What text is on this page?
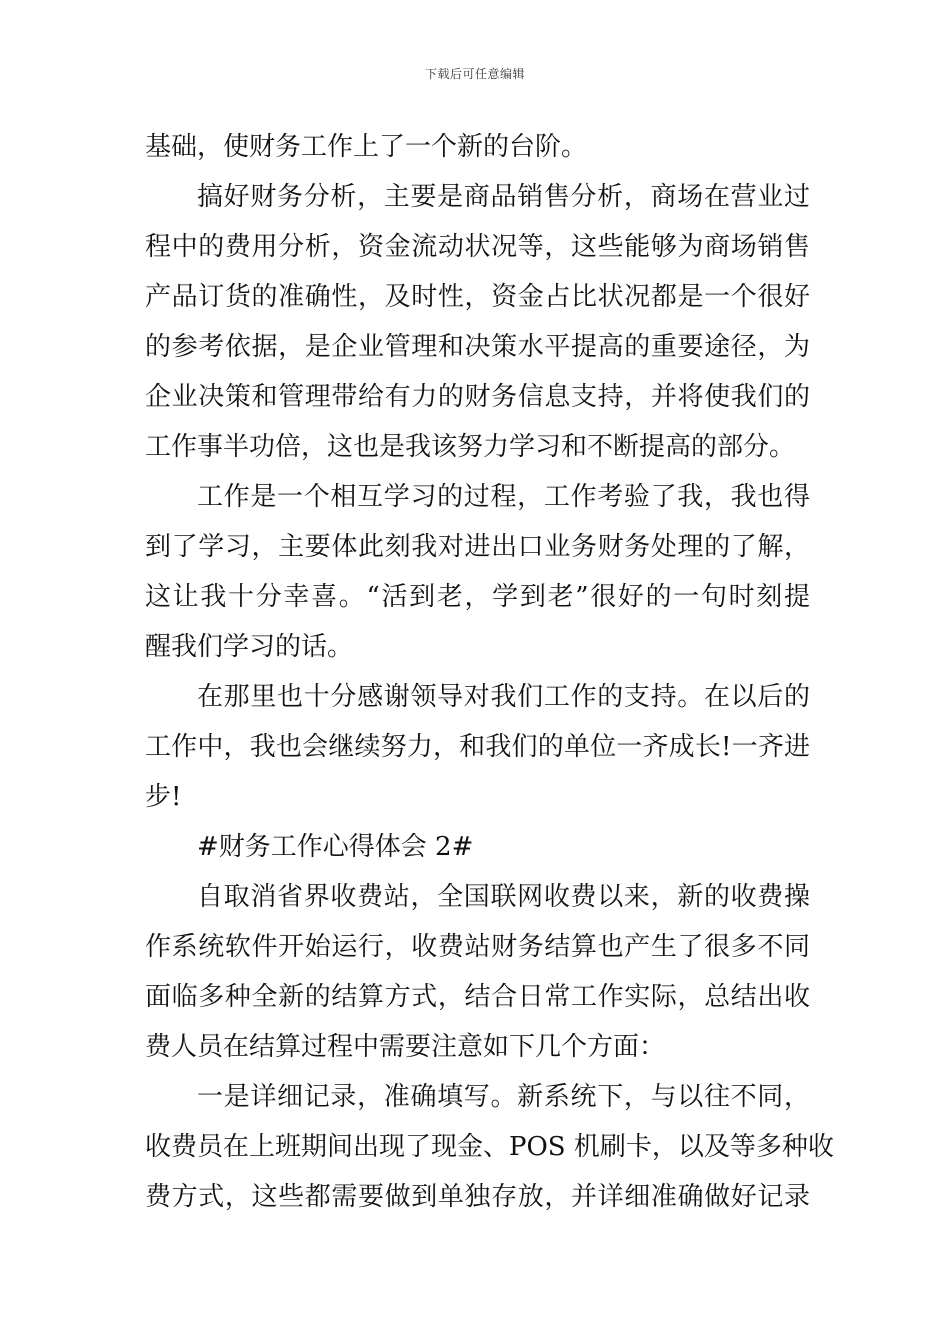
下载后可任意编辑
基础，使财务工作上了一个新的台阶。
搞好财务分析，主要是商品销售分析，商场在营业过
程中的费用分析，资金流动状况等，这些能够为商场销售
产品订货的准确性，及时性，资金占比状况都是一个很好
的参考依据，是企业管理和决策水平提高的重要途径，为
企业决策和管理带给有力的财务信息支持，并将使我们的
工作事半功倍，这也是我该努力学习和不断提高的部分。
工作是一个相互学习的过程，工作考验了我，我也得
到了学习，主要体此刻我对进出口业务财务处理的了解，
这让我十分幸喜。“活到老，学到老”很好的一句时刻提
醒我们学习的话。
在那里也十分感谢领导对我们工作的支持。在以后的
工作中，我也会继续努力，和我们的单位一齐成长!一齐进
步!
#财务工作心得体会 2#
自取消省界收费站，全国联网收费以来，新的收费操
作系统软件开始运行，收费站财务结算也产生了很多不同
面临多种全新的结算方式，结合日常工作实际，总结出收
费人员在结算过程中需要注意如下几个方面：
一是详细记录，准确填写。新系统下，与以往不同，
收费员在上班期间出现了现金、POS 机刷卡，以及等多种收
费方式，这些都需要做到单独存放，并详细准确做好记录
